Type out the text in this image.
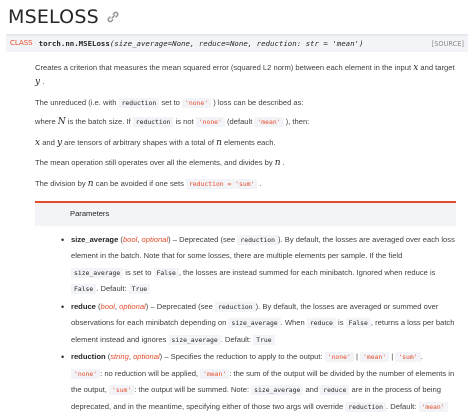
MSELOSS
CLASS torch.nn.MSELoss(size_average=None, reduce=None, reduction: str = 'mean')	[SOURCE]

Creates a criterion that measures the mean squared error (squared L2 norm) between each element in the input x and target y .

The unreduced (i.e. with reduction set to 'none' ) loss can be described as:

where N is the batch size. If reduction is not 'none' (default 'mean' ), then:

x and y are tensors of arbitrary shapes with a total of n elements each.

The mean operation still operates over all the elements, and divides by n .

The division by n can be avoided if one sets reduction = 'sum' .

Parameters
• size_average (bool, optional) – Deprecated (see reduction ). By default, the losses are averaged over each loss element in the batch. Note that for some losses, there are multiple elements per sample. If the field size_average is set to False , the losses are instead summed for each minibatch. Ignored when reduce is False . Default: True
• reduce (bool, optional) – Deprecated (see reduction ). By default, the losses are averaged or summed over observations for each minibatch depending on size_average . When reduce is False , returns a loss per batch element instead and ignores size_average . Default: True
• reduction (string, optional) – Specifies the reduction to apply to the output: 'none' | 'mean' | 'sum' . 'none' : no reduction will be applied, 'mean' : the sum of the output will be divided by the number of elements in the output, 'sum' : the output will be summed. Note: size_average and reduce are in the process of being deprecated, and in the meantime, specifying either of those two args will override reduction . Default: 'mean'
